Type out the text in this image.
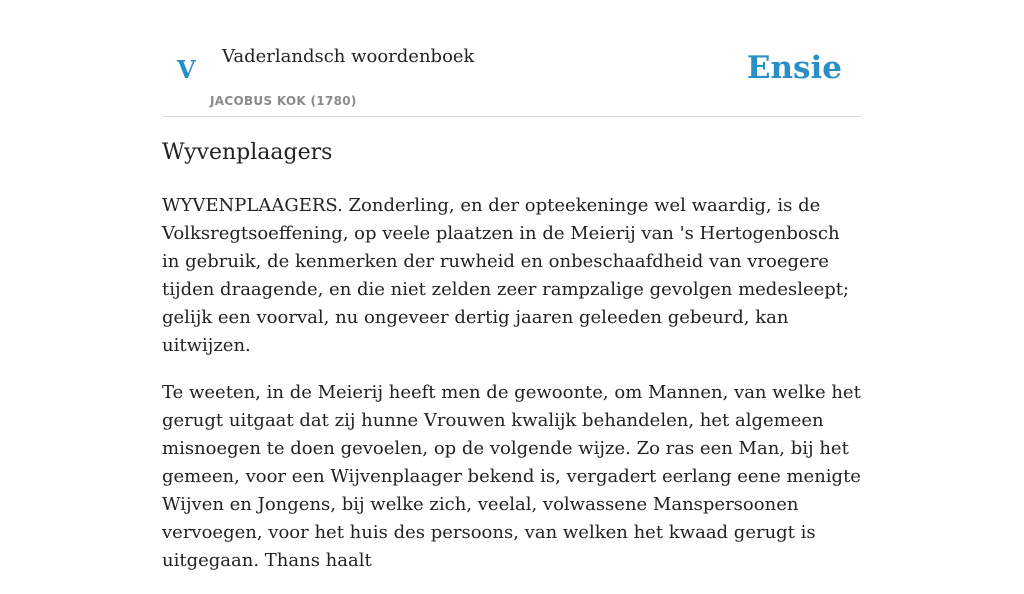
V Vaderlandsch woordenboek
JACOBUS KOK (1780)
Ensie
Wyvenplaagers

WYVENPLAAGERS. Zonderling, en der opteekeninge wel waardig, is de Volksregtsoeffening, op veele plaatzen in de Meierij van 's Hertogenbosch in gebruik, de kenmerken der ruwheid en onbeschaafdheid van vroegere tijden draagende, en die niet zelden zeer rampzalige gevolgen medesleept; gelijk een voorval, nu ongeveer dertig jaaren geleeden gebeurd, kan uitwijzen.

Te weeten, in de Meierij heeft men de gewoonte, om Mannen, van welke het gerugt uitgaat dat zij hunne Vrouwen kwalijk behandelen, het algemeen misnoegen te doen gevoelen, op de volgende wijze. Zo ras een Man, bij het gemeen, voor een Wijvenplaager bekend is, vergadert eerlang eene menigte Wijven en Jongens, bij welke zich, veelal, volwassene Manspersoonen vervoegen, voor het huis des persoons, van welken het kwaad gerugt is uitgegaan. Thans haalt
